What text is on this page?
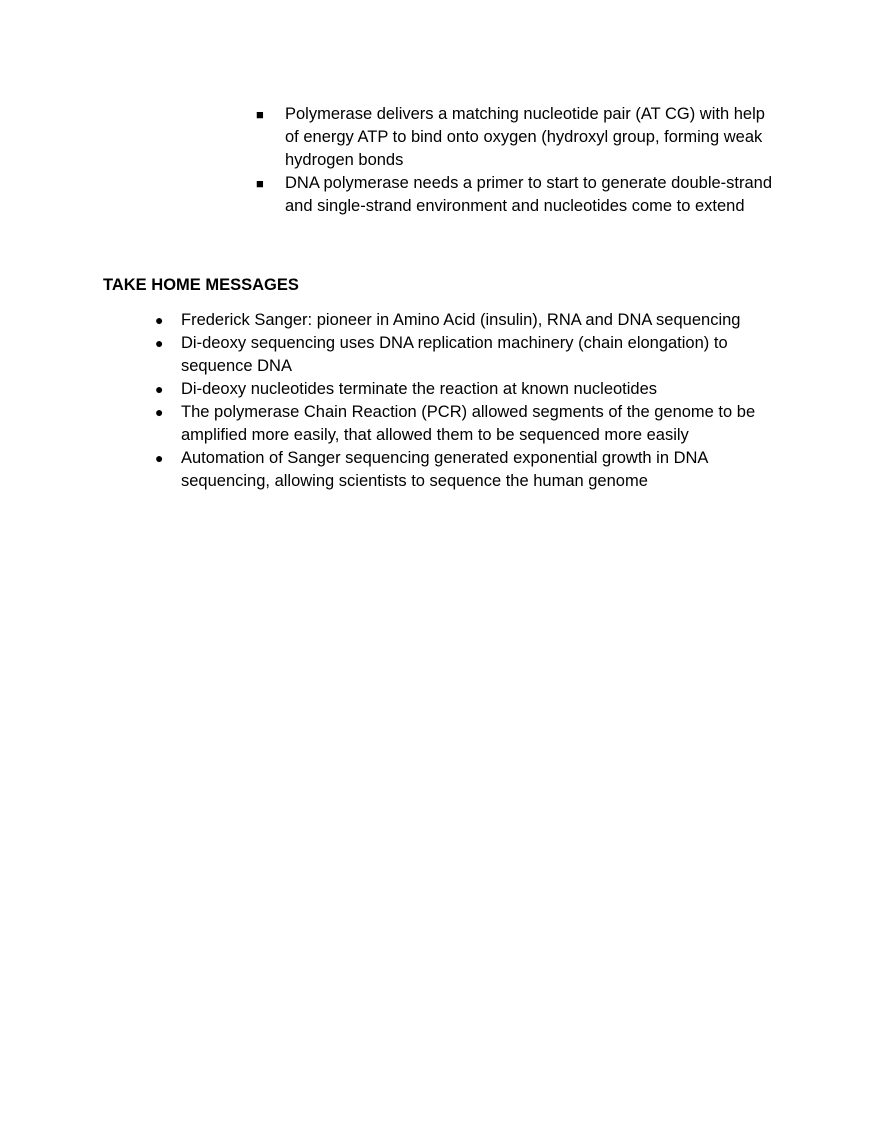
■	Polymerase delivers a matching nucleotide pair (AT CG) with help of energy ATP to bind onto oxygen (hydroxyl group, forming weak hydrogen bonds
■	DNA polymerase needs a primer to start to generate double-strand and single-strand environment and nucleotides come to extend
TAKE HOME MESSAGES
●	Frederick Sanger: pioneer in Amino Acid (insulin), RNA and DNA sequencing
●	Di-deoxy sequencing uses DNA replication machinery (chain elongation) to sequence DNA
●	Di-deoxy nucleotides terminate the reaction at known nucleotides
●	The polymerase Chain Reaction (PCR) allowed segments of the genome to be amplified more easily, that allowed them to be sequenced more easily
●	Automation of Sanger sequencing generated exponential growth in DNA sequencing, allowing scientists to sequence the human genome
